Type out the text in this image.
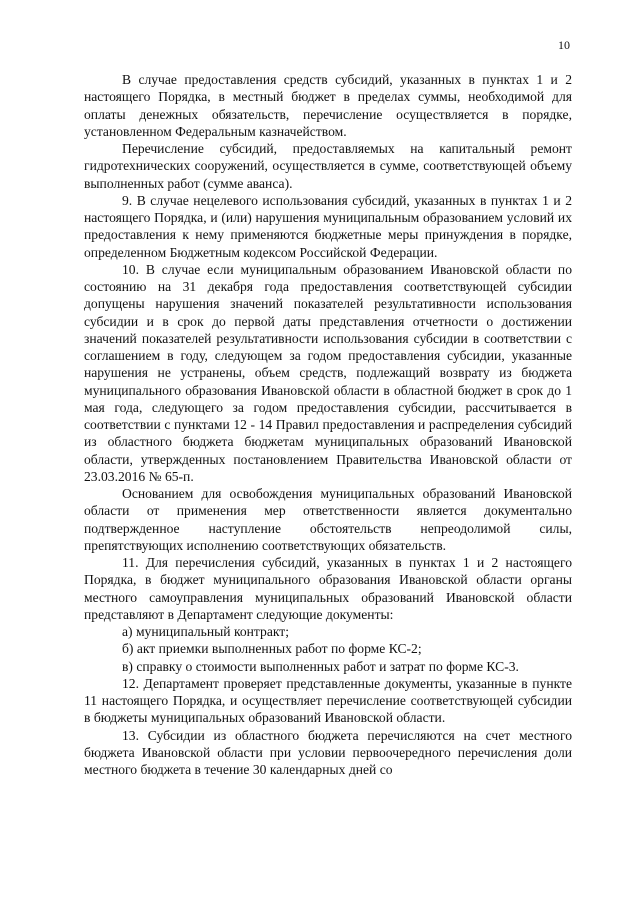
10

В случае предоставления средств субсидий, указанных в пунктах 1 и 2 настоящего Порядка, в местный бюджет в пределах суммы, необходимой для оплаты денежных обязательств, перечисление осуществляется в порядке, установленном Федеральным казначейством.

Перечисление субсидий, предоставляемых на капитальный ремонт гидротехнических сооружений, осуществляется в сумме, соответствующей объему выполненных работ (сумме аванса).

9. В случае нецелевого использования субсидий, указанных в пунктах 1 и 2 настоящего Порядка, и (или) нарушения муниципальным образованием условий их предоставления к нему применяются бюджетные меры принуждения в порядке, определенном Бюджетным кодексом Российской Федерации.

10. В случае если муниципальным образованием Ивановской области по состоянию на 31 декабря года предоставления соответствующей субсидии допущены нарушения значений показателей результативности использования субсидии и в срок до первой даты представления отчетности о достижении значений показателей результативности использования субсидии в соответствии с соглашением в году, следующем за годом предоставления субсидии, указанные нарушения не устранены, объем средств, подлежащий возврату из бюджета муниципального образования Ивановской области в областной бюджет в срок до 1 мая года, следующего за годом предоставления субсидии, рассчитывается в соответствии с пунктами 12 - 14 Правил предоставления и распределения субсидий из областного бюджета бюджетам муниципальных образований Ивановской области, утвержденных постановлением Правительства Ивановской области от 23.03.2016 № 65-п.

Основанием для освобождения муниципальных образований Ивановской области от применения мер ответственности является документально подтвержденное наступление обстоятельств непреодолимой силы, препятствующих исполнению соответствующих обязательств.

11. Для перечисления субсидий, указанных в пунктах 1 и 2 настоящего Порядка, в бюджет муниципального образования Ивановской области органы местного самоуправления муниципальных образований Ивановской области представляют в Департамент следующие документы:

а) муниципальный контракт;

б) акт приемки выполненных работ по форме КС-2;

в) справку о стоимости выполненных работ и затрат по форме КС-3.

12. Департамент проверяет представленные документы, указанные в пункте 11 настоящего Порядка, и осуществляет перечисление соответствующей субсидии в бюджеты муниципальных образований Ивановской области.

13. Субсидии из областного бюджета перечисляются на счет местного бюджета Ивановской области при условии первоочередного перечисления доли местного бюджета в течение 30 календарных дней со
